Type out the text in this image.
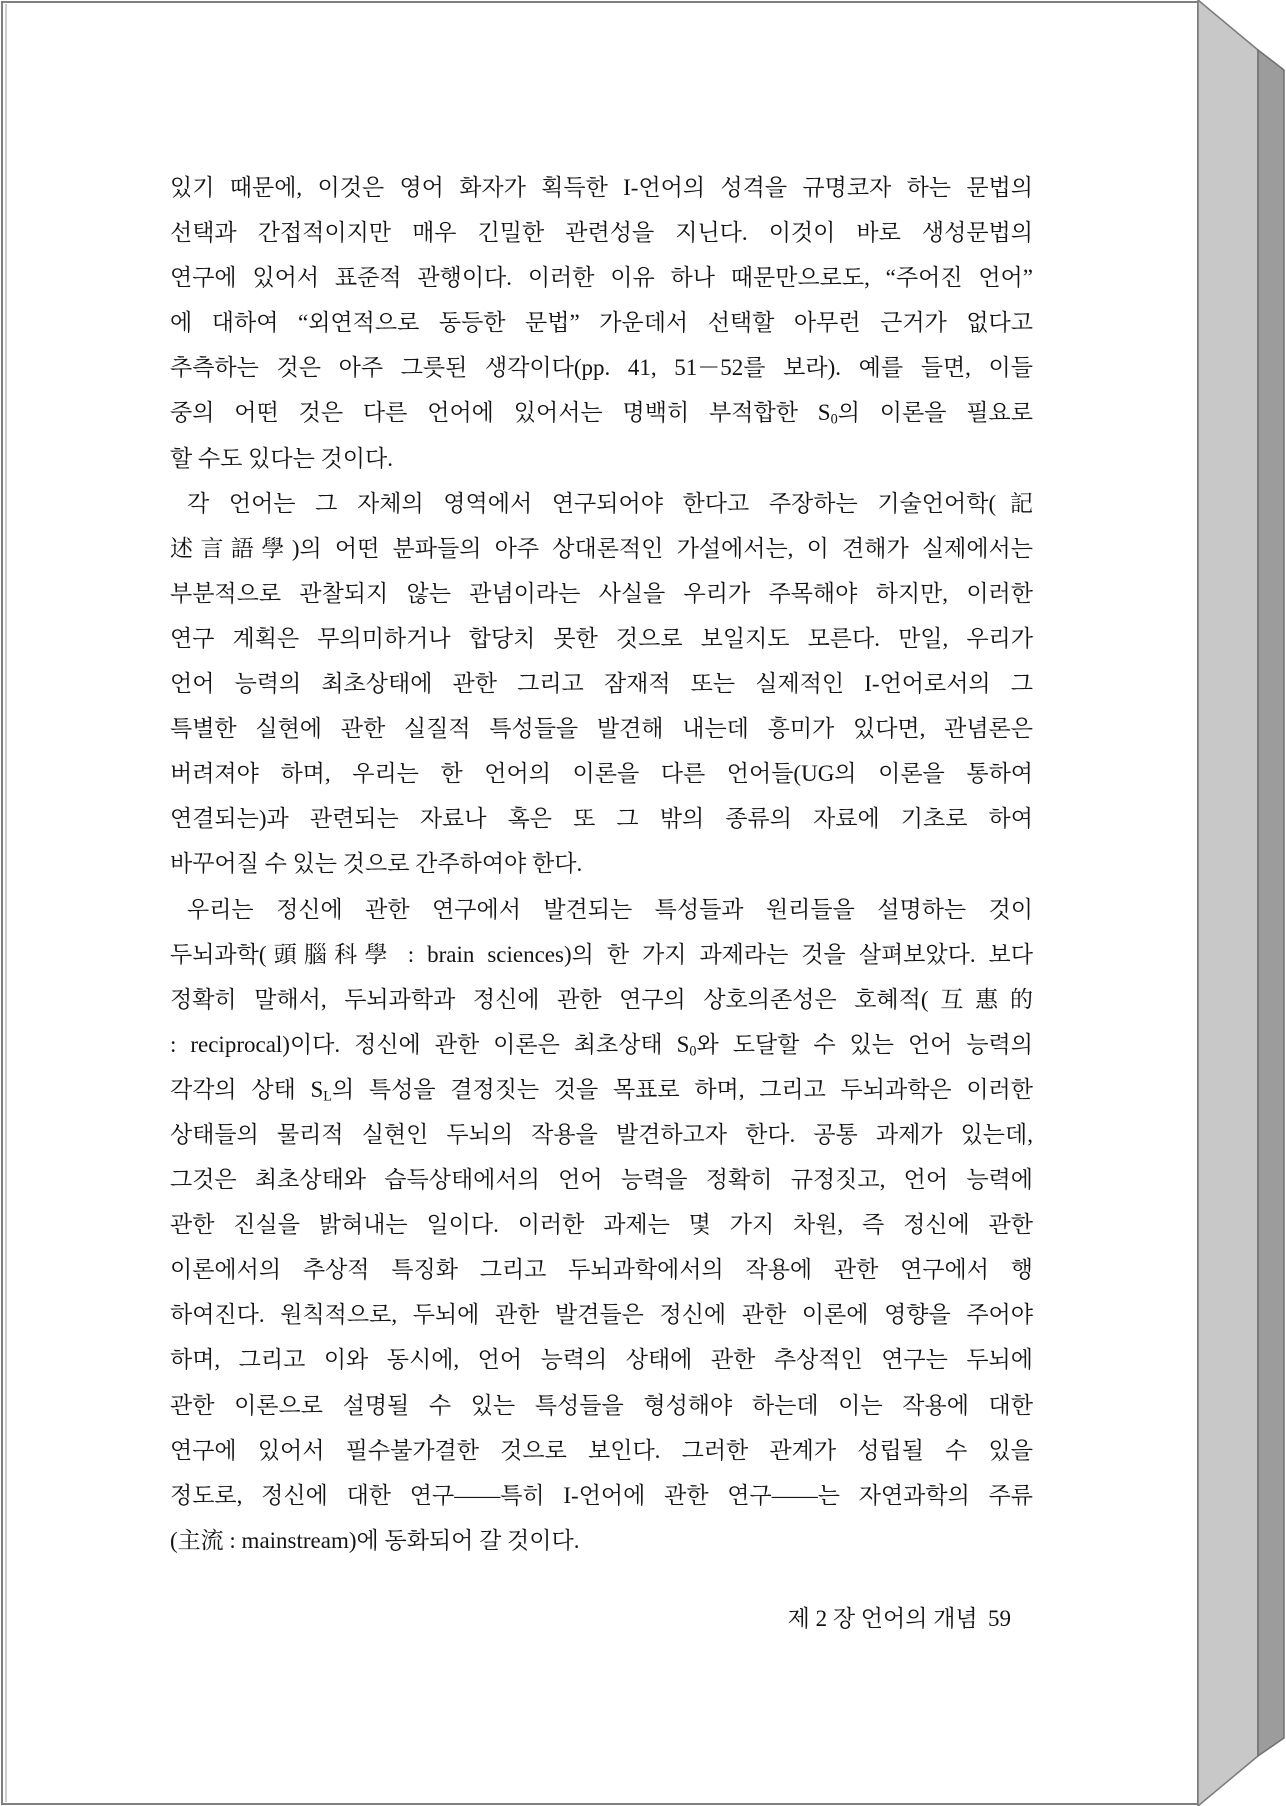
있기 때문에, 이것은 영어 화자가 획득한 I-언어의 성격을 규명코자 하는 문법의
선택과 간접적이지만 매우 긴밀한 관련성을 지닌다. 이것이 바로 생성문법의
연구에 있어서 표준적 관행이다. 이러한 이유 하나 때문만으로도, “주어진 언어”
에 대하여 “외연적으로 동등한 문법” 가운데서 선택할 아무런 근거가 없다고
추측하는 것은 아주 그릇된 생각이다(pp. 41, 51－52를 보라). 예를 들면, 이들
중의 어떤 것은 다른 언어에 있어서는 명백히 부적합한 $S_0$의 이론을 필요로
할 수도 있다는 것이다.
각 언어는 그 자체의 영역에서 연구되어야 한다고 주장하는 기술언어학(記
述言語學)의 어떤 분파들의 아주 상대론적인 가설에서는, 이 견해가 실제에서는
부분적으로 관찰되지 않는 관념이라는 사실을 우리가 주목해야 하지만, 이러한
연구 계획은 무의미하거나 합당치 못한 것으로 보일지도 모른다. 만일, 우리가
언어 능력의 최초상태에 관한 그리고 잠재적 또는 실제적인 I-언어로서의 그
특별한 실현에 관한 실질적 특성들을 발견해 내는데 흥미가 있다면, 관념론은
버려져야 하며, 우리는 한 언어의 이론을 다른 언어들(UG의 이론을 통하여
연결되는)과 관련되는 자료나 혹은 또 그 밖의 종류의 자료에 기초로 하여
바꾸어질 수 있는 것으로 간주하여야 한다.
우리는 정신에 관한 연구에서 발견되는 특성들과 원리들을 설명하는 것이
두뇌과학(頭腦科學 : brain sciences)의 한 가지 과제라는 것을 살펴보았다. 보다
정확히 말해서, 두뇌과학과 정신에 관한 연구의 상호의존성은 호혜적(互惠的
: reciprocal)이다. 정신에 관한 이론은 최초상태 $S_0$와 도달할 수 있는 언어 능력의
각각의 상태 $S_L$의 특성을 결정짓는 것을 목표로 하며, 그리고 두뇌과학은 이러한
상태들의 물리적 실현인 두뇌의 작용을 발견하고자 한다. 공통 과제가 있는데,
그것은 최초상태와 습득상태에서의 언어 능력을 정확히 규정짓고, 언어 능력에
관한 진실을 밝혀내는 일이다. 이러한 과제는 몇 가지 차원, 즉 정신에 관한
이론에서의 추상적 특징화 그리고 두뇌과학에서의 작용에 관한 연구에서 행
하여진다. 원칙적으로, 두뇌에 관한 발견들은 정신에 관한 이론에 영향을 주어야
하며, 그리고 이와 동시에, 언어 능력의 상태에 관한 추상적인 연구는 두뇌에
관한 이론으로 설명될 수 있는 특성들을 형성해야 하는데 이는 작용에 대한
연구에 있어서 필수불가결한 것으로 보인다. 그러한 관계가 성립될 수 있을
정도로, 정신에 대한 연구——특히 I-언어에 관한 연구——는 자연과학의 주류
(主流 : mainstream)에 동화되어 갈 것이다.
제 2 장 언어의 개념 59
